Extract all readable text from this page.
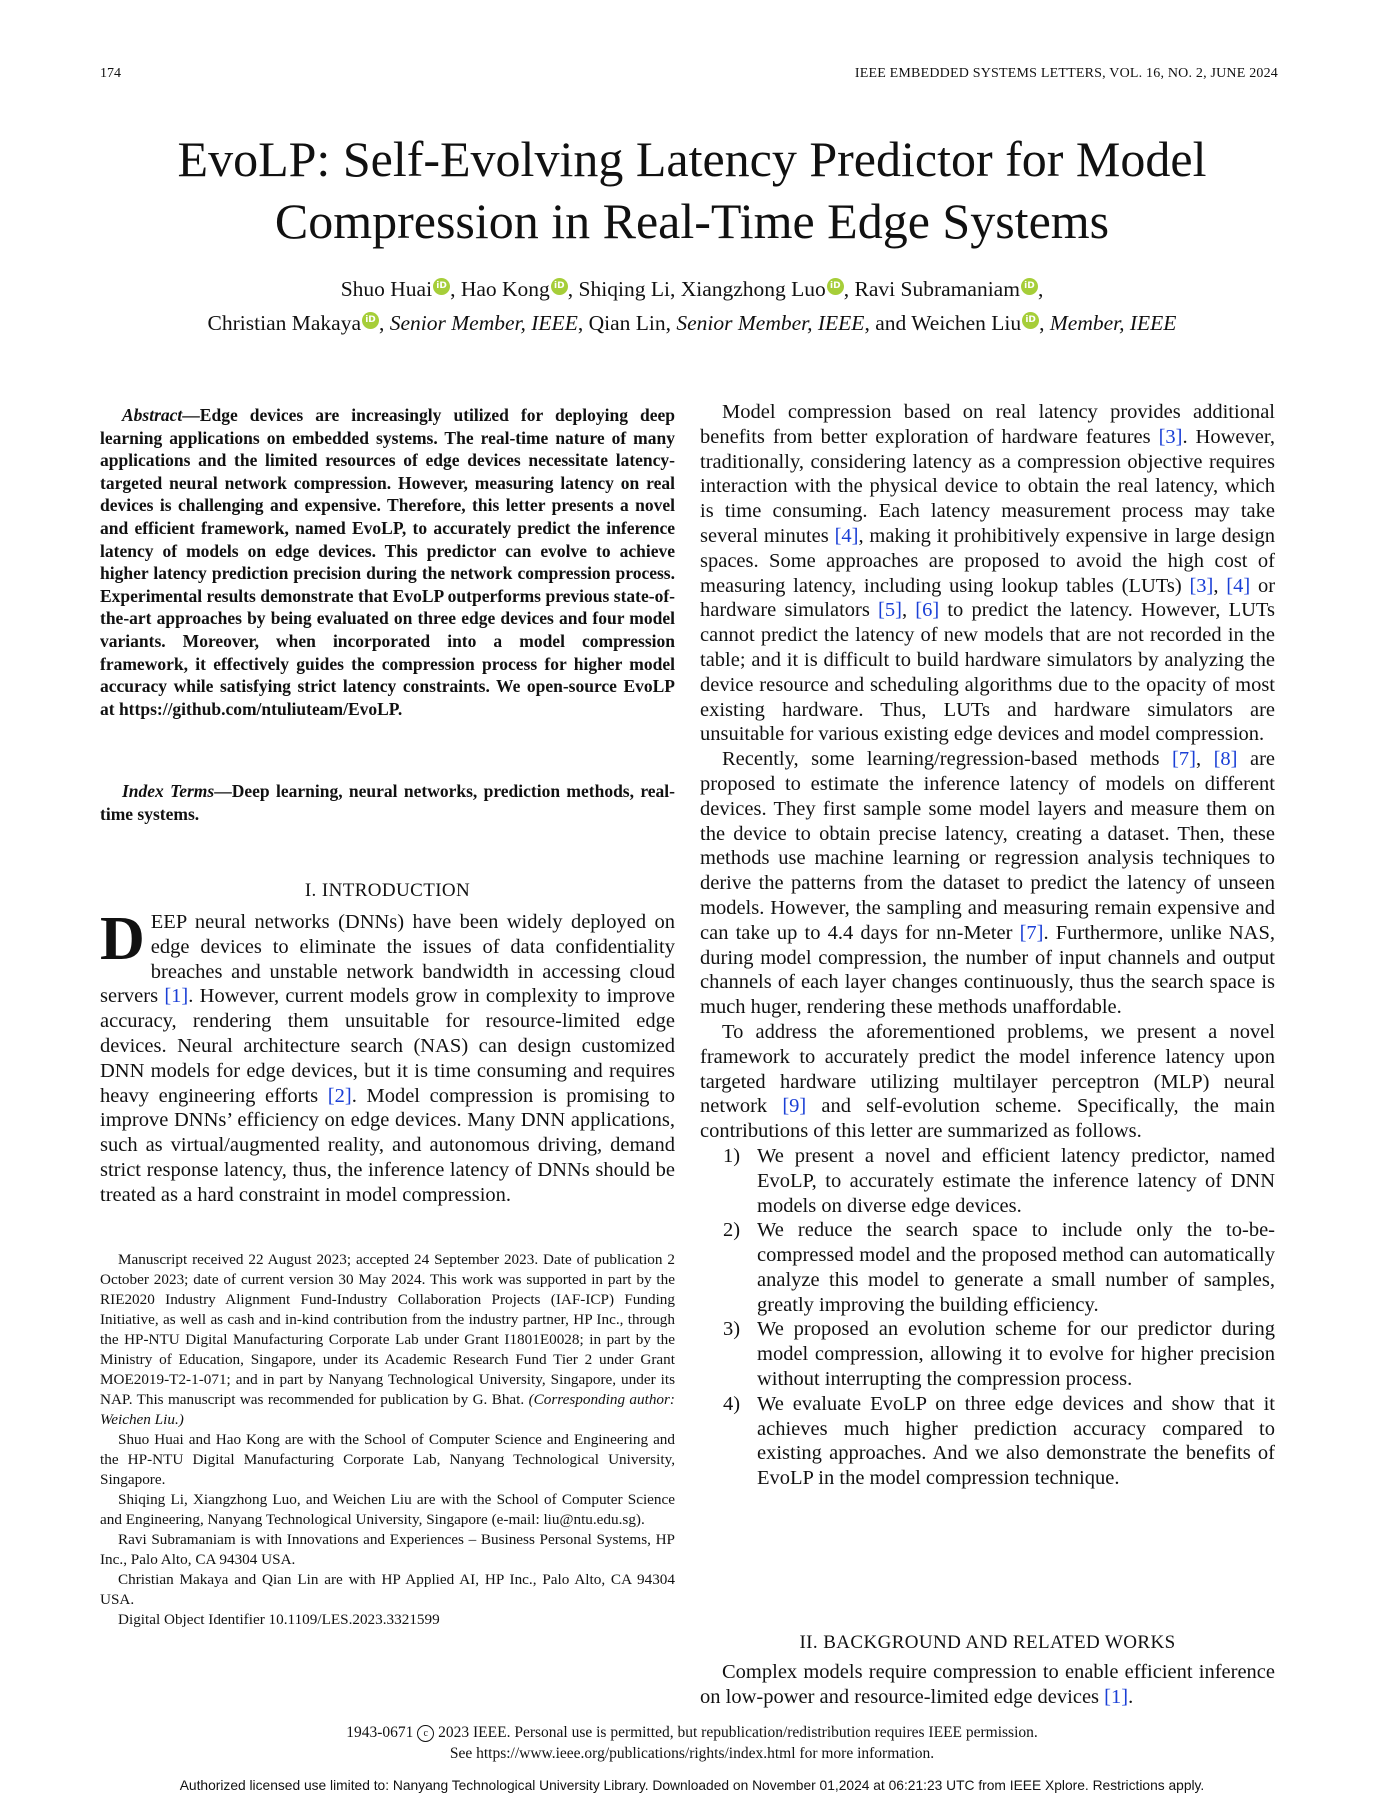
174	IEEE EMBEDDED SYSTEMS LETTERS, VOL. 16, NO. 2, JUNE 2024
EvoLP: Self-Evolving Latency Predictor for Model
Compression in Real-Time Edge Systems
Shuo Huai iD , Hao Kong iD , Shiqing Li, Xiangzhong Luo iD , Ravi Subramaniam iD ,
Christian Makaya iD , Senior Member, IEEE, Qian Lin, Senior Member, IEEE, and Weichen Liu iD , Member, IEEE
Abstract—Edge devices are increasingly utilized for deploying deep learning applications on embedded systems. The real-time nature of many applications and the limited resources of edge devices necessitate latency-targeted neural network compression. However, measuring latency on real devices is challenging and expensive. Therefore, this letter presents a novel and efficient framework, named EvoLP, to accurately predict the inference latency of models on edge devices. This predictor can evolve to achieve higher latency prediction precision during the network compression process. Experimental results demonstrate that EvoLP outperforms previous state-of-the-art approaches by being evaluated on three edge devices and four model variants. Moreover, when incorporated into a model compression framework, it effectively guides the compression process for higher model accuracy while satisfying strict latency constraints. We open-source EvoLP at https://github.com/ntuliuteam/EvoLP.
Index Terms—Deep learning, neural networks, prediction methods, real-time systems.
I. INTRODUCTION
DEEP neural networks (DNNs) have been widely deployed on edge devices to eliminate the issues of data confidentiality breaches and unstable network bandwidth in accessing cloud servers [1]. However, current models grow in complexity to improve accuracy, rendering them unsuitable for resource-limited edge devices. Neural architecture search (NAS) can design customized DNN models for edge devices, but it is time consuming and requires heavy engineering efforts [2]. Model compression is promising to improve DNNs’ efficiency on edge devices. Many DNN applications, such as virtual/augmented reality, and autonomous driving, demand strict response latency, thus, the inference latency of DNNs should be treated as a hard constraint in model compression.

Manuscript received 22 August 2023; accepted 24 September 2023. Date of publication 2 October 2023; date of current version 30 May 2024. This work was supported in part by the RIE2020 Industry Alignment Fund-Industry Collaboration Projects (IAF-ICP) Funding Initiative, as well as cash and in-kind contribution from the industry partner, HP Inc., through the HP-NTU Digital Manufacturing Corporate Lab under Grant I1801E0028; in part by the Ministry of Education, Singapore, under its Academic Research Fund Tier 2 under Grant MOE2019-T2-1-071; and in part by Nanyang Technological University, Singapore, under its NAP. This manuscript was recommended for publication by G. Bhat. (Corresponding author: Weichen Liu.)

Shuo Huai and Hao Kong are with the School of Computer Science and Engineering and the HP-NTU Digital Manufacturing Corporate Lab, Nanyang Technological University, Singapore.

Shiqing Li, Xiangzhong Luo, and Weichen Liu are with the School of Computer Science and Engineering, Nanyang Technological University, Singapore (e-mail: liu@ntu.edu.sg).

Ravi Subramaniam is with Innovations and Experiences – Business Personal Systems, HP Inc., Palo Alto, CA 94304 USA.

Christian Makaya and Qian Lin are with HP Applied AI, HP Inc., Palo Alto, CA 94304 USA.

Digital Object Identifier 10.1109/LES.2023.3321599

Model compression based on real latency provides additional benefits from better exploration of hardware features [3]. However, traditionally, considering latency as a compression objective requires interaction with the physical device to obtain the real latency, which is time consuming. Each latency measurement process may take several minutes [4], making it prohibitively expensive in large design spaces. Some approaches are proposed to avoid the high cost of measuring latency, including using lookup tables (LUTs) [3], [4] or hardware simulators [5], [6] to predict the latency. However, LUTs cannot predict the latency of new models that are not recorded in the table; and it is difficult to build hardware simulators by analyzing the device resource and scheduling algorithms due to the opacity of most existing hardware. Thus, LUTs and hardware simulators are unsuitable for various existing edge devices and model compression.

Recently, some learning/regression-based methods [7], [8] are proposed to estimate the inference latency of models on different devices. They first sample some model layers and measure them on the device to obtain precise latency, creating a dataset. Then, these methods use machine learning or regression analysis techniques to derive the patterns from the dataset to predict the latency of unseen models. However, the sampling and measuring remain expensive and can take up to 4.4 days for nn-Meter [7]. Furthermore, unlike NAS, during model compression, the number of input channels and output channels of each layer changes continuously, thus the search space is much huger, rendering these methods unaffordable.

To address the aforementioned problems, we present a novel framework to accurately predict the model inference latency upon targeted hardware utilizing multilayer perceptron (MLP) neural network [9] and self-evolution scheme. Specifically, the main contributions of this letter are summarized as follows.

1) We present a novel and efficient latency predictor, named EvoLP, to accurately estimate the inference latency of DNN models on diverse edge devices.
2) We reduce the search space to include only the to-be-compressed model and the proposed method can automatically analyze this model to generate a small number of samples, greatly improving the building efficiency.
3) We proposed an evolution scheme for our predictor during model compression, allowing it to evolve for higher precision without interrupting the compression process.
4) We evaluate EvoLP on three edge devices and show that it achieves much higher prediction accuracy compared to existing approaches. And we also demonstrate the benefits of EvoLP in the model compression technique.
II. BACKGROUND AND RELATED WORKS

Complex models require compression to enable efficient inference on low-power and resource-limited edge devices [1].

1943-0671 c 2023 IEEE. Personal use is permitted, but republication/redistribution requires IEEE permission.
See https://www.ieee.org/publications/rights/index.html for more information.
Authorized licensed use limited to: Nanyang Technological University Library. Downloaded on November 01,2024 at 06:21:23 UTC from IEEE Xplore. Restrictions apply.
